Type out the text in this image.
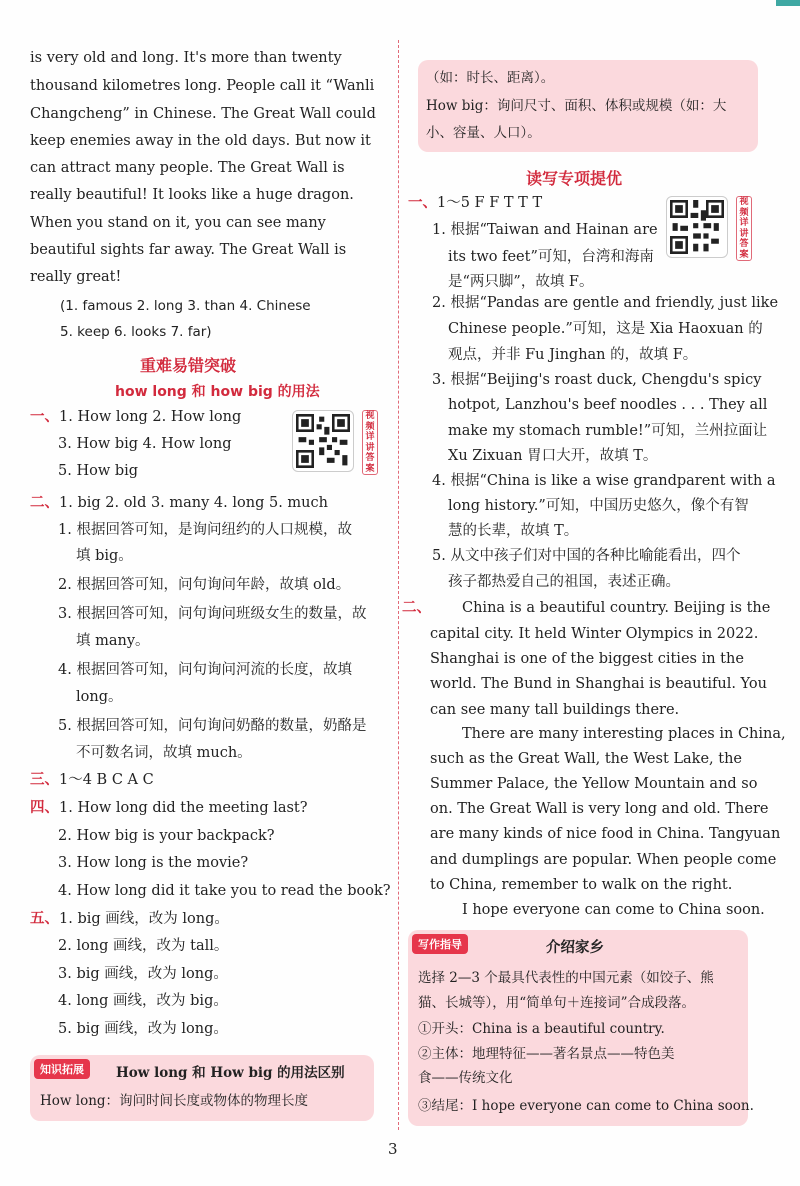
is very old and long. It's more than twenty
thousand kilometres long. People call it “Wanli
Changcheng” in Chinese. The Great Wall could
keep enemies away in the old days. But now it
can attract many people. The Great Wall is
really beautiful! It looks like a huge dragon.
When you stand on it, you can see many
beautiful sights far away. The Great Wall is
really great!
(1. famous 2. long 3. than 4. Chinese
5. keep 6. looks 7. far)
重难易错突破
how long 和 how big 的用法
一、1. How long 2. How long
3. How big 4. How long
5. How big
视
频
详
讲
答
案
二、1. big 2. old 3. many 4. long 5. much
1. 根据回答可知，是询问纽约的人口规模，故
填 big。
2. 根据回答可知，问句询问年龄，故填 old。
3. 根据回答可知，问句询问班级女生的数量，故
填 many。
4. 根据回答可知，问句询问河流的长度，故填
long。
5. 根据回答可知，问句询问奶酪的数量，奶酪是
不可数名词，故填 much。
三、1～4 B C A C
四、1. How long did the meeting last?
2. How big is your backpack?
3. How long is the movie?
4. How long did it take you to read the book?
五、1. big 画线，改为 long。
2. long 画线，改为 tall。
3. big 画线，改为 long。
4. long 画线，改为 big。
5. big 画线，改为 long。
知识拓展	How long 和 How big 的用法区别
How long：询问时间长度或物体的物理长度
（如：时长、距离）。
How big：询问尺寸、面积、体积或规模（如：大
小、容量、人口）。
读写专项提优
一、1～5 F F T T T
1. 根据“Taiwan and Hainan are
its two feet”可知，台湾和海南
是“两只脚”，故填 F。
视
频
详
讲
答
案
2. 根据“Pandas are gentle and friendly, just like
Chinese people.”可知，这是 Xia Haoxuan 的
观点，并非 Fu Jinghan 的，故填 F。
3. 根据“Beijing's roast duck, Chengdu's spicy
hotpot, Lanzhou's beef noodles . . . They all
make my stomach rumble!”可知，兰州拉面让
Xu Zixuan 胃口大开，故填 T。
4. 根据“China is like a wise grandparent with a
long history.”可知，中国历史悠久，像个有智
慧的长辈，故填 T。
5. 从文中孩子们对中国的各种比喻能看出，四个
孩子都热爱自己的祖国，表述正确。
二、 China is a beautiful country. Beijing is the
capital city. It held Winter Olympics in 2022.
Shanghai is one of the biggest cities in the
world. The Bund in Shanghai is beautiful. You
can see many tall buildings there.
There are many interesting places in China,
such as the Great Wall, the West Lake, the
Summer Palace, the Yellow Mountain and so
on. The Great Wall is very long and old. There
are many kinds of nice food in China. Tangyuan
and dumplings are popular. When people come
to China, remember to walk on the right.
I hope everyone can come to China soon.
写作指导	介绍家乡
选择 2—3 个最具代表性的中国元素（如饺子、熊
猫、长城等），用“简单句＋连接词”合成段落。
①开头：China is a beautiful country.
②主体：地理特征——著名景点——特色美
食——传统文化
③结尾：I hope everyone can come to China soon.
3
